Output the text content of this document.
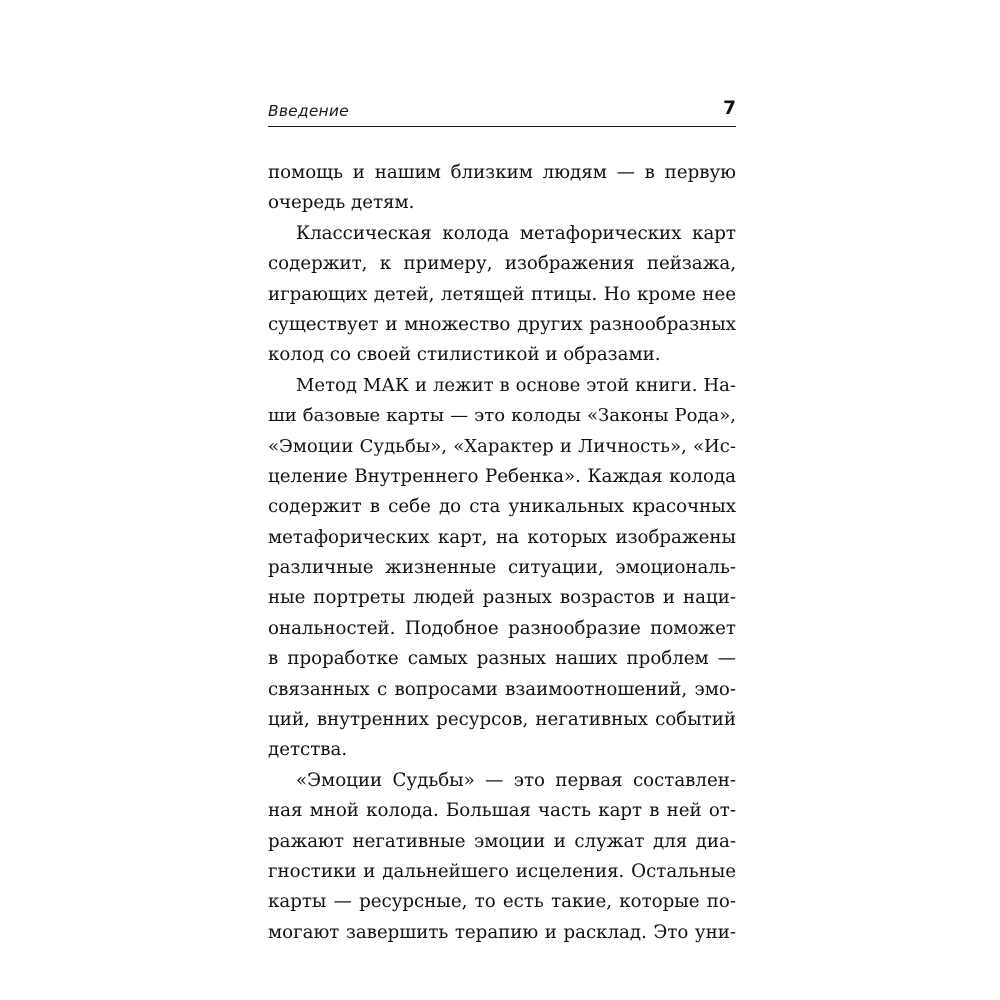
Введение	7
помощь и нашим близким людям — в первую
очередь детям.
Классическая колода метафорических карт
содержит, к примеру, изображения пейзажа,
играющих детей, летящей птицы. Но кроме нее
существует и множество других разнообразных
колод со своей стилистикой и образами.
Метод МАК и лежит в основе этой книги. На-
ши базовые карты — это колоды «Законы Рода»,
«Эмоции Судьбы», «Характер и Личность», «Ис-
целение Внутреннего Ребенка». Каждая колода
содержит в себе до ста уникальных красочных
метафорических карт, на которых изображены
различные жизненные ситуации, эмоциональ-
ные портреты людей разных возрастов и наци-
ональностей. Подобное разнообразие поможет
в проработке самых разных наших проблем —
связанных с вопросами взаимоотношений, эмо-
ций, внутренних ресурсов, негативных событий
детства.
«Эмоции Судьбы» — это первая составлен-
ная мной колода. Большая часть карт в ней от-
ражают негативные эмоции и служат для диа-
гностики и дальнейшего исцеления. Остальные
карты — ресурсные, то есть такие, которые по-
могают завершить терапию и расклад. Это уни-
